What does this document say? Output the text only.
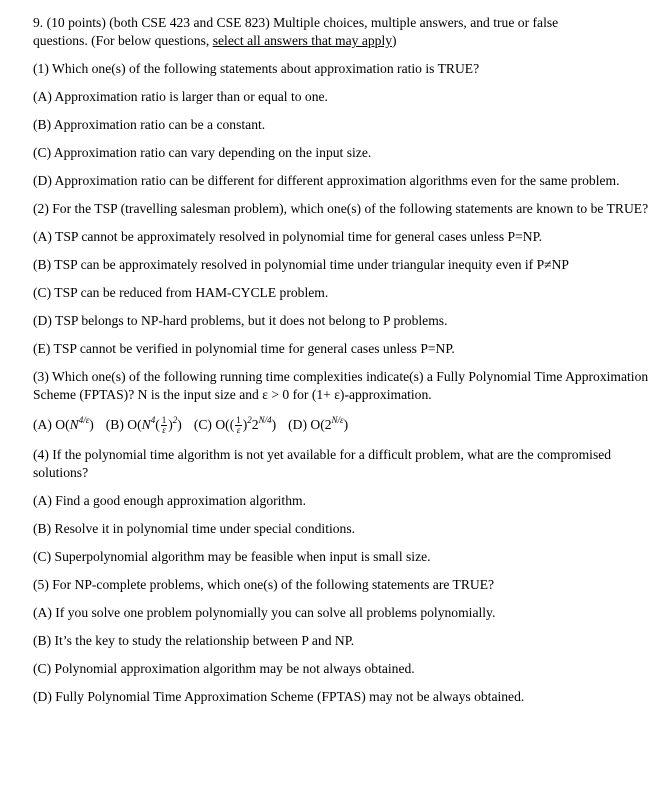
9. (10 points) (both CSE 423 and CSE 823) Multiple choices, multiple answers, and true or false
questions. (For below questions, select all answers that may apply)

(1) Which one(s) of the following statements about approximation ratio is TRUE?

(A) Approximation ratio is larger than or equal to one.

(B) Approximation ratio can be a constant.

(C) Approximation ratio can vary depending on the input size.

(D) Approximation ratio can be different for different approximation algorithms even for the same problem.

(2) For the TSP (travelling salesman problem), which one(s) of the following statements are known to be TRUE?

(A) TSP cannot be approximately resolved in polynomial time for general cases unless P=NP.

(B) TSP can be approximately resolved in polynomial time under triangular inequity even if P≠NP

(C) TSP can be reduced from HAM-CYCLE problem.

(D) TSP belongs to NP-hard problems, but it does not belong to P problems.

(E) TSP cannot be verified in polynomial time for general cases unless P=NP.

(3) Which one(s) of the following running time complexities indicate(s) a Fully Polynomial Time Approximation Scheme (FPTAS)? N is the input size and ε > 0 for (1+ ε)-approximation.

(A) $O(N^{4/\varepsilon})$ (B) $O(N^4( \frac{1}{\varepsilon} )^2)$ (C) $O(( \frac{1}{\varepsilon} )^22^{N/4})$ (D) $O(2^{N/\varepsilon})$

(4) If the polynomial time algorithm is not yet available for a difficult problem, what are the compromised solutions?

(A) Find a good enough approximation algorithm.

(B) Resolve it in polynomial time under special conditions.

(C) Superpolynomial algorithm may be feasible when input is small size.

(5) For NP-complete problems, which one(s) of the following statements are TRUE?

(A) If you solve one problem polynomially you can solve all problems polynomially.

(B) It’s the key to study the relationship between P and NP.

(C) Polynomial approximation algorithm may be not always obtained.

(D) Fully Polynomial Time Approximation Scheme (FPTAS) may not be always obtained.
